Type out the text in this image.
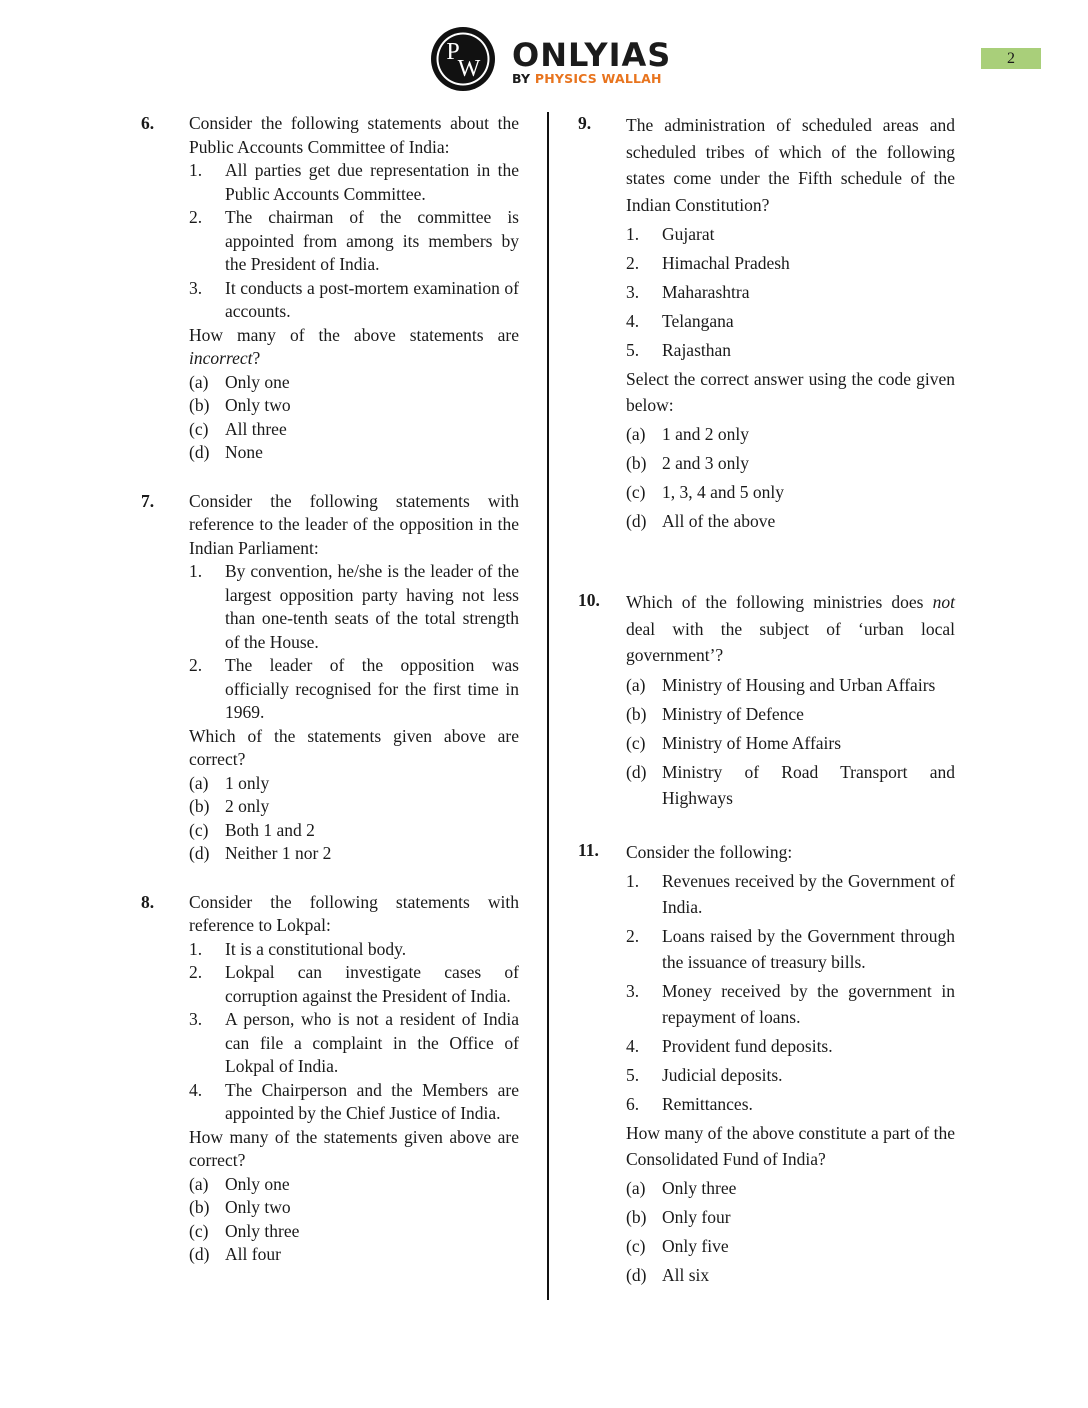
P
W ONLYIAS
BY PHYSICS WALLAH
2
6. Consider the following statements about the Public Accounts Committee of India:
1. All parties get due representation in the Public Accounts Committee.
2. The chairman of the committee is appointed from among its members by the President of India.
3. It conducts a post-mortem examination of accounts.
How many of the above statements are incorrect?
(a) Only one
(b) Only two
(c) All three
(d) None
7. Consider the following statements with reference to the leader of the opposition in the Indian Parliament:
1. By convention, he/she is the leader of the largest opposition party having not less than one-tenth seats of the total strength of the House.
2. The leader of the opposition was officially recognised for the first time in 1969.
Which of the statements given above are correct?
(a) 1 only
(b) 2 only
(c) Both 1 and 2
(d) Neither 1 nor 2
8. Consider the following statements with reference to Lokpal:
1. It is a constitutional body.
2. Lokpal can investigate cases of corruption against the President of India.
3. A person, who is not a resident of India can file a complaint in the Office of Lokpal of India.
4. The Chairperson and the Members are appointed by the Chief Justice of India.
How many of the statements given above are correct?
(a) Only one
(b) Only two
(c) Only three
(d) All four
9. The administration of scheduled areas and scheduled tribes of which of the following states come under the Fifth schedule of the Indian Constitution?
1. Gujarat
2. Himachal Pradesh
3. Maharashtra
4. Telangana
5. Rajasthan
Select the correct answer using the code given below:
(a) 1 and 2 only
(b) 2 and 3 only
(c) 1, 3, 4 and 5 only
(d) All of the above
10. Which of the following ministries does not deal with the subject of ‘urban local government’?
(a) Ministry of Housing and Urban Affairs
(b) Ministry of Defence
(c) Ministry of Home Affairs
(d) Ministry of Road Transport and Highways
11. Consider the following:
1. Revenues received by the Government of India.
2. Loans raised by the Government through the issuance of treasury bills.
3. Money received by the government in repayment of loans.
4. Provident fund deposits.
5. Judicial deposits.
6. Remittances.
How many of the above constitute a part of the Consolidated Fund of India?
(a) Only three
(b) Only four
(c) Only five
(d) All six
